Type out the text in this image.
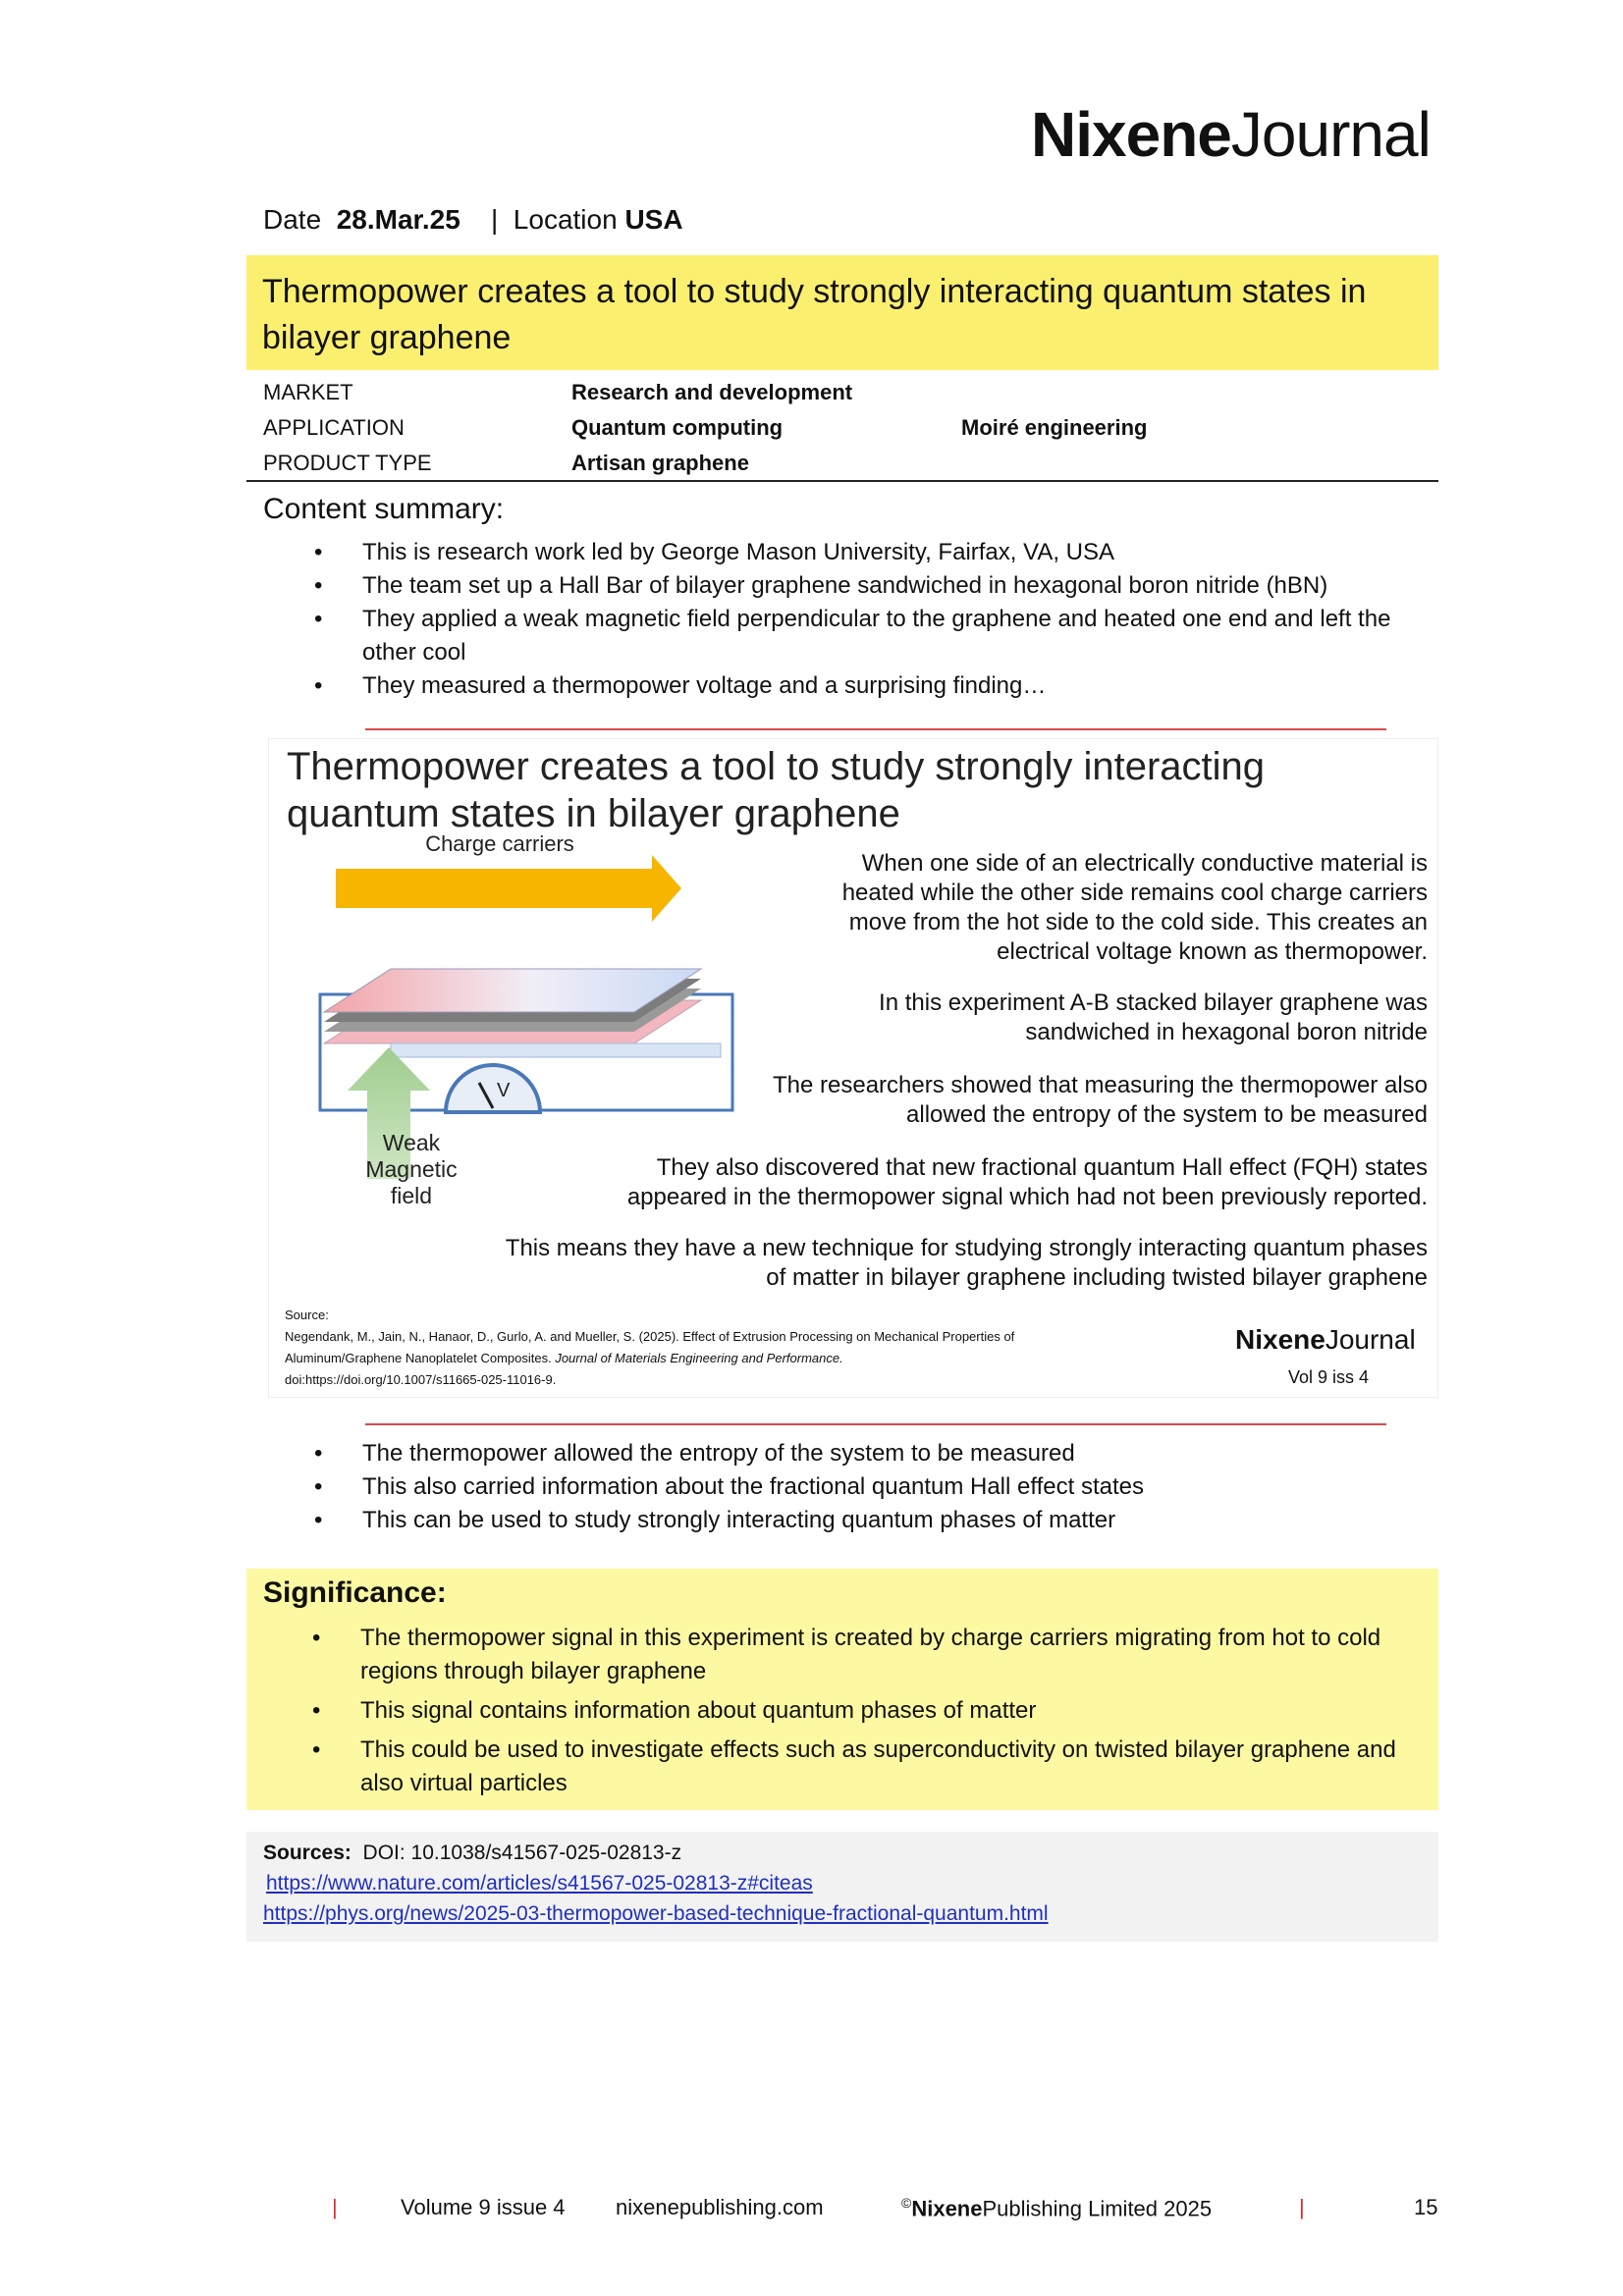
NixeneJournal
Date 28.Mar.25 | Location USA
Thermopower creates a tool to study strongly interacting quantum states in bilayer graphene
MARKET	Research and development	
APPLICATION	Quantum computing	Moiré engineering
PRODUCT TYPE	Artisan graphene	
Content summary:
• This is research work led by George Mason University, Fairfax, VA, USA
• The team set up a Hall Bar of bilayer graphene sandwiched in hexagonal boron nitride (hBN)
• They applied a weak magnetic field perpendicular to the graphene and heated one end and left the other cool
• They measured a thermopower voltage and a surprising finding…
Thermopower creates a tool to study strongly interacting
quantum states in bilayer graphene
V
Charge carriers
Weak Magnetic field
When one side of an electrically conductive material is heated while the other side remains cool charge carriers move from the hot side to the cold side. This creates an electrical voltage known as thermopower.
In this experiment A-B stacked bilayer graphene was sandwiched in hexagonal boron nitride
The researchers showed that measuring the thermopower also allowed the entropy of the system to be measured
They also discovered that new fractional quantum Hall effect (FQH) states appeared in the thermopower signal which had not been previously reported.
This means they have a new technique for studying strongly interacting quantum phases of matter in bilayer graphene including twisted bilayer graphene
Source:
Negendank, M., Jain, N., Hanaor, D., Gurlo, A. and Mueller, S. (2025). Effect of Extrusion Processing on Mechanical Properties of
Aluminum/Graphene Nanoplatelet Composites. Journal of Materials Engineering and Performance.
doi:https://doi.org/10.1007/s11665-025-11016-9.
NixeneJournal
Vol 9 iss 4
• The thermopower allowed the entropy of the system to be measured
• This also carried information about the fractional quantum Hall effect states
• This can be used to study strongly interacting quantum phases of matter
Significance:
• The thermopower signal in this experiment is created by charge carriers migrating from hot to cold regions through bilayer graphene
• This signal contains information about quantum phases of matter
• This could be used to investigate effects such as superconductivity on twisted bilayer graphene and also virtual particles
Sources: DOI: 10.1038/s41567-025-02813-z
https://www.nature.com/articles/s41567-025-02813-z#citeas
https://phys.org/news/2025-03-thermopower-based-technique-fractional-quantum.html
|	Volume 9 issue 4 nixenepublishing.com	©NixenePublishing Limited 2025	|	15
